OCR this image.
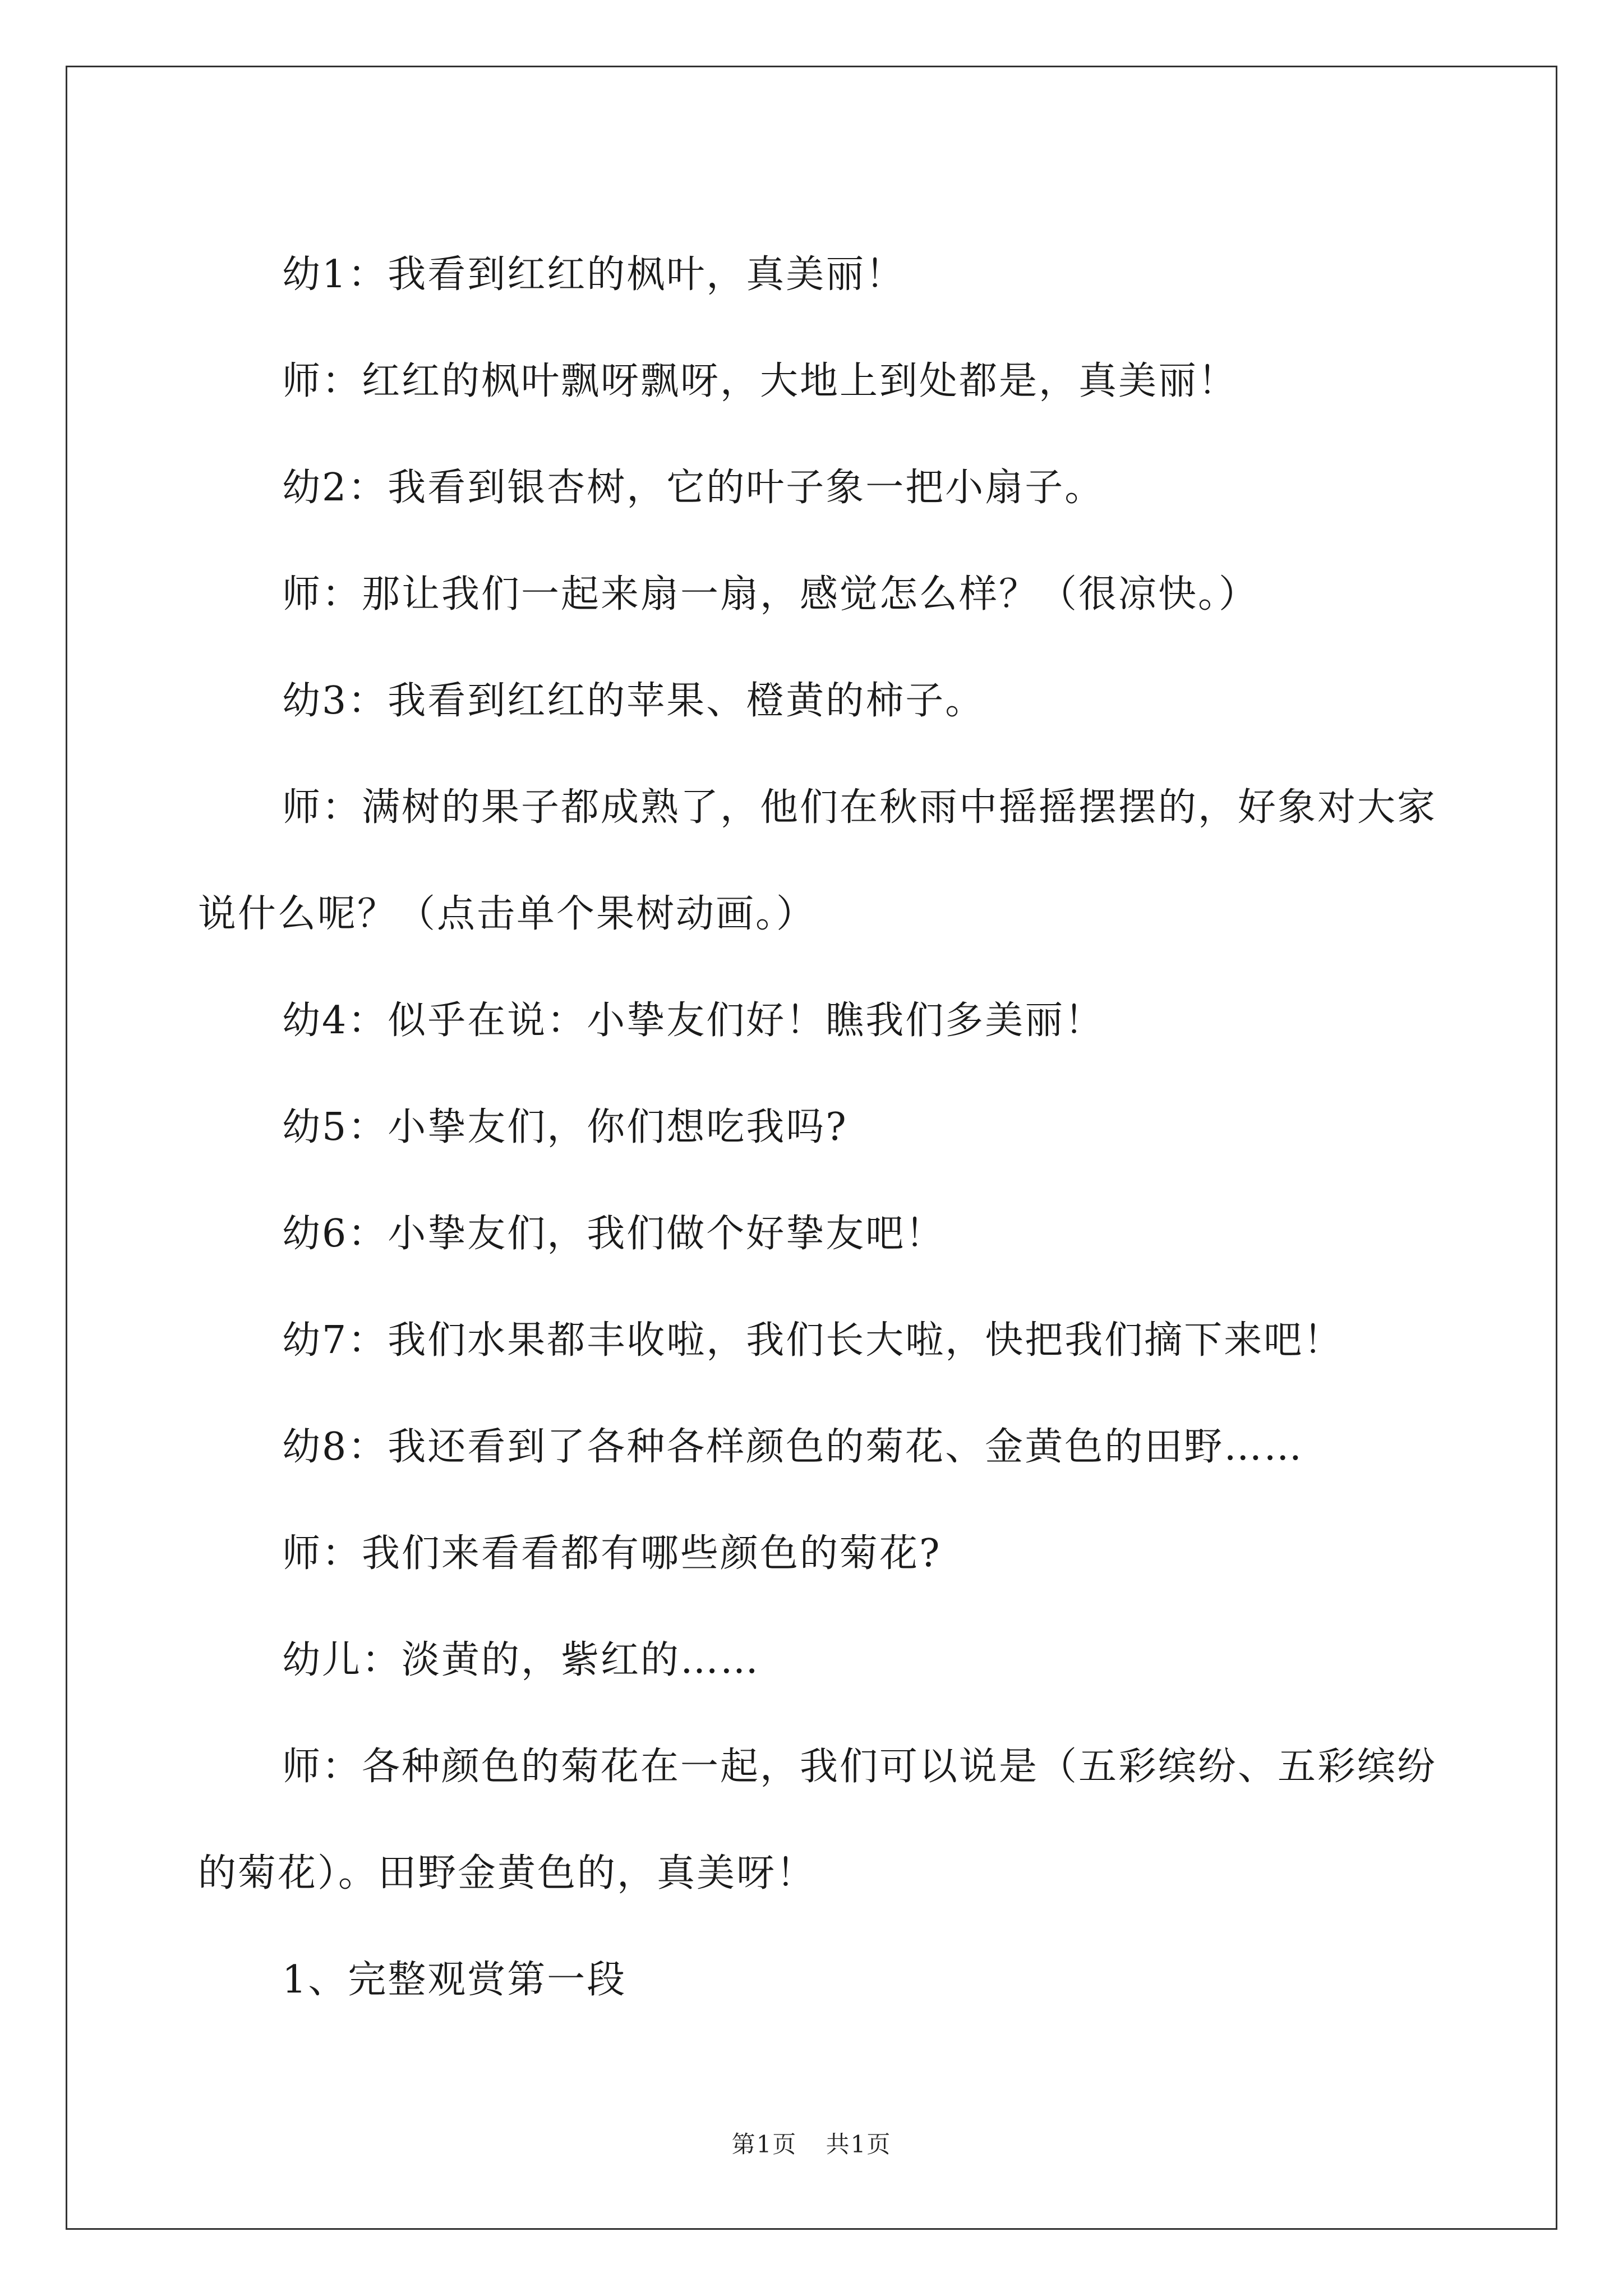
幼1：我看到红红的枫叶，真美丽！

师：红红的枫叶飘呀飘呀，大地上到处都是，真美丽！

幼2：我看到银杏树，它的叶子象一把小扇子。

师：那让我们一起来扇一扇，感觉怎么样？（很凉快。）

幼3：我看到红红的苹果、橙黄的柿子。

师：满树的果子都成熟了，他们在秋雨中摇摇摆摆的，好象对大家说什么呢？（点击单个果树动画。）

幼4：似乎在说：小挚友们好！瞧我们多美丽！

幼5：小挚友们，你们想吃我吗?

幼6：小挚友们，我们做个好挚友吧！

幼7：我们水果都丰收啦，我们长大啦，快把我们摘下来吧！

幼8：我还看到了各种各样颜色的菊花、金黄色的田野……

师：我们来看看都有哪些颜色的菊花?

幼儿：淡黄的，紫红的……

师：各种颜色的菊花在一起，我们可以说是（五彩缤纷、五彩缤纷的菊花）。田野金黄色的，真美呀！

1、完整观赏第一段

第1页 共1页
